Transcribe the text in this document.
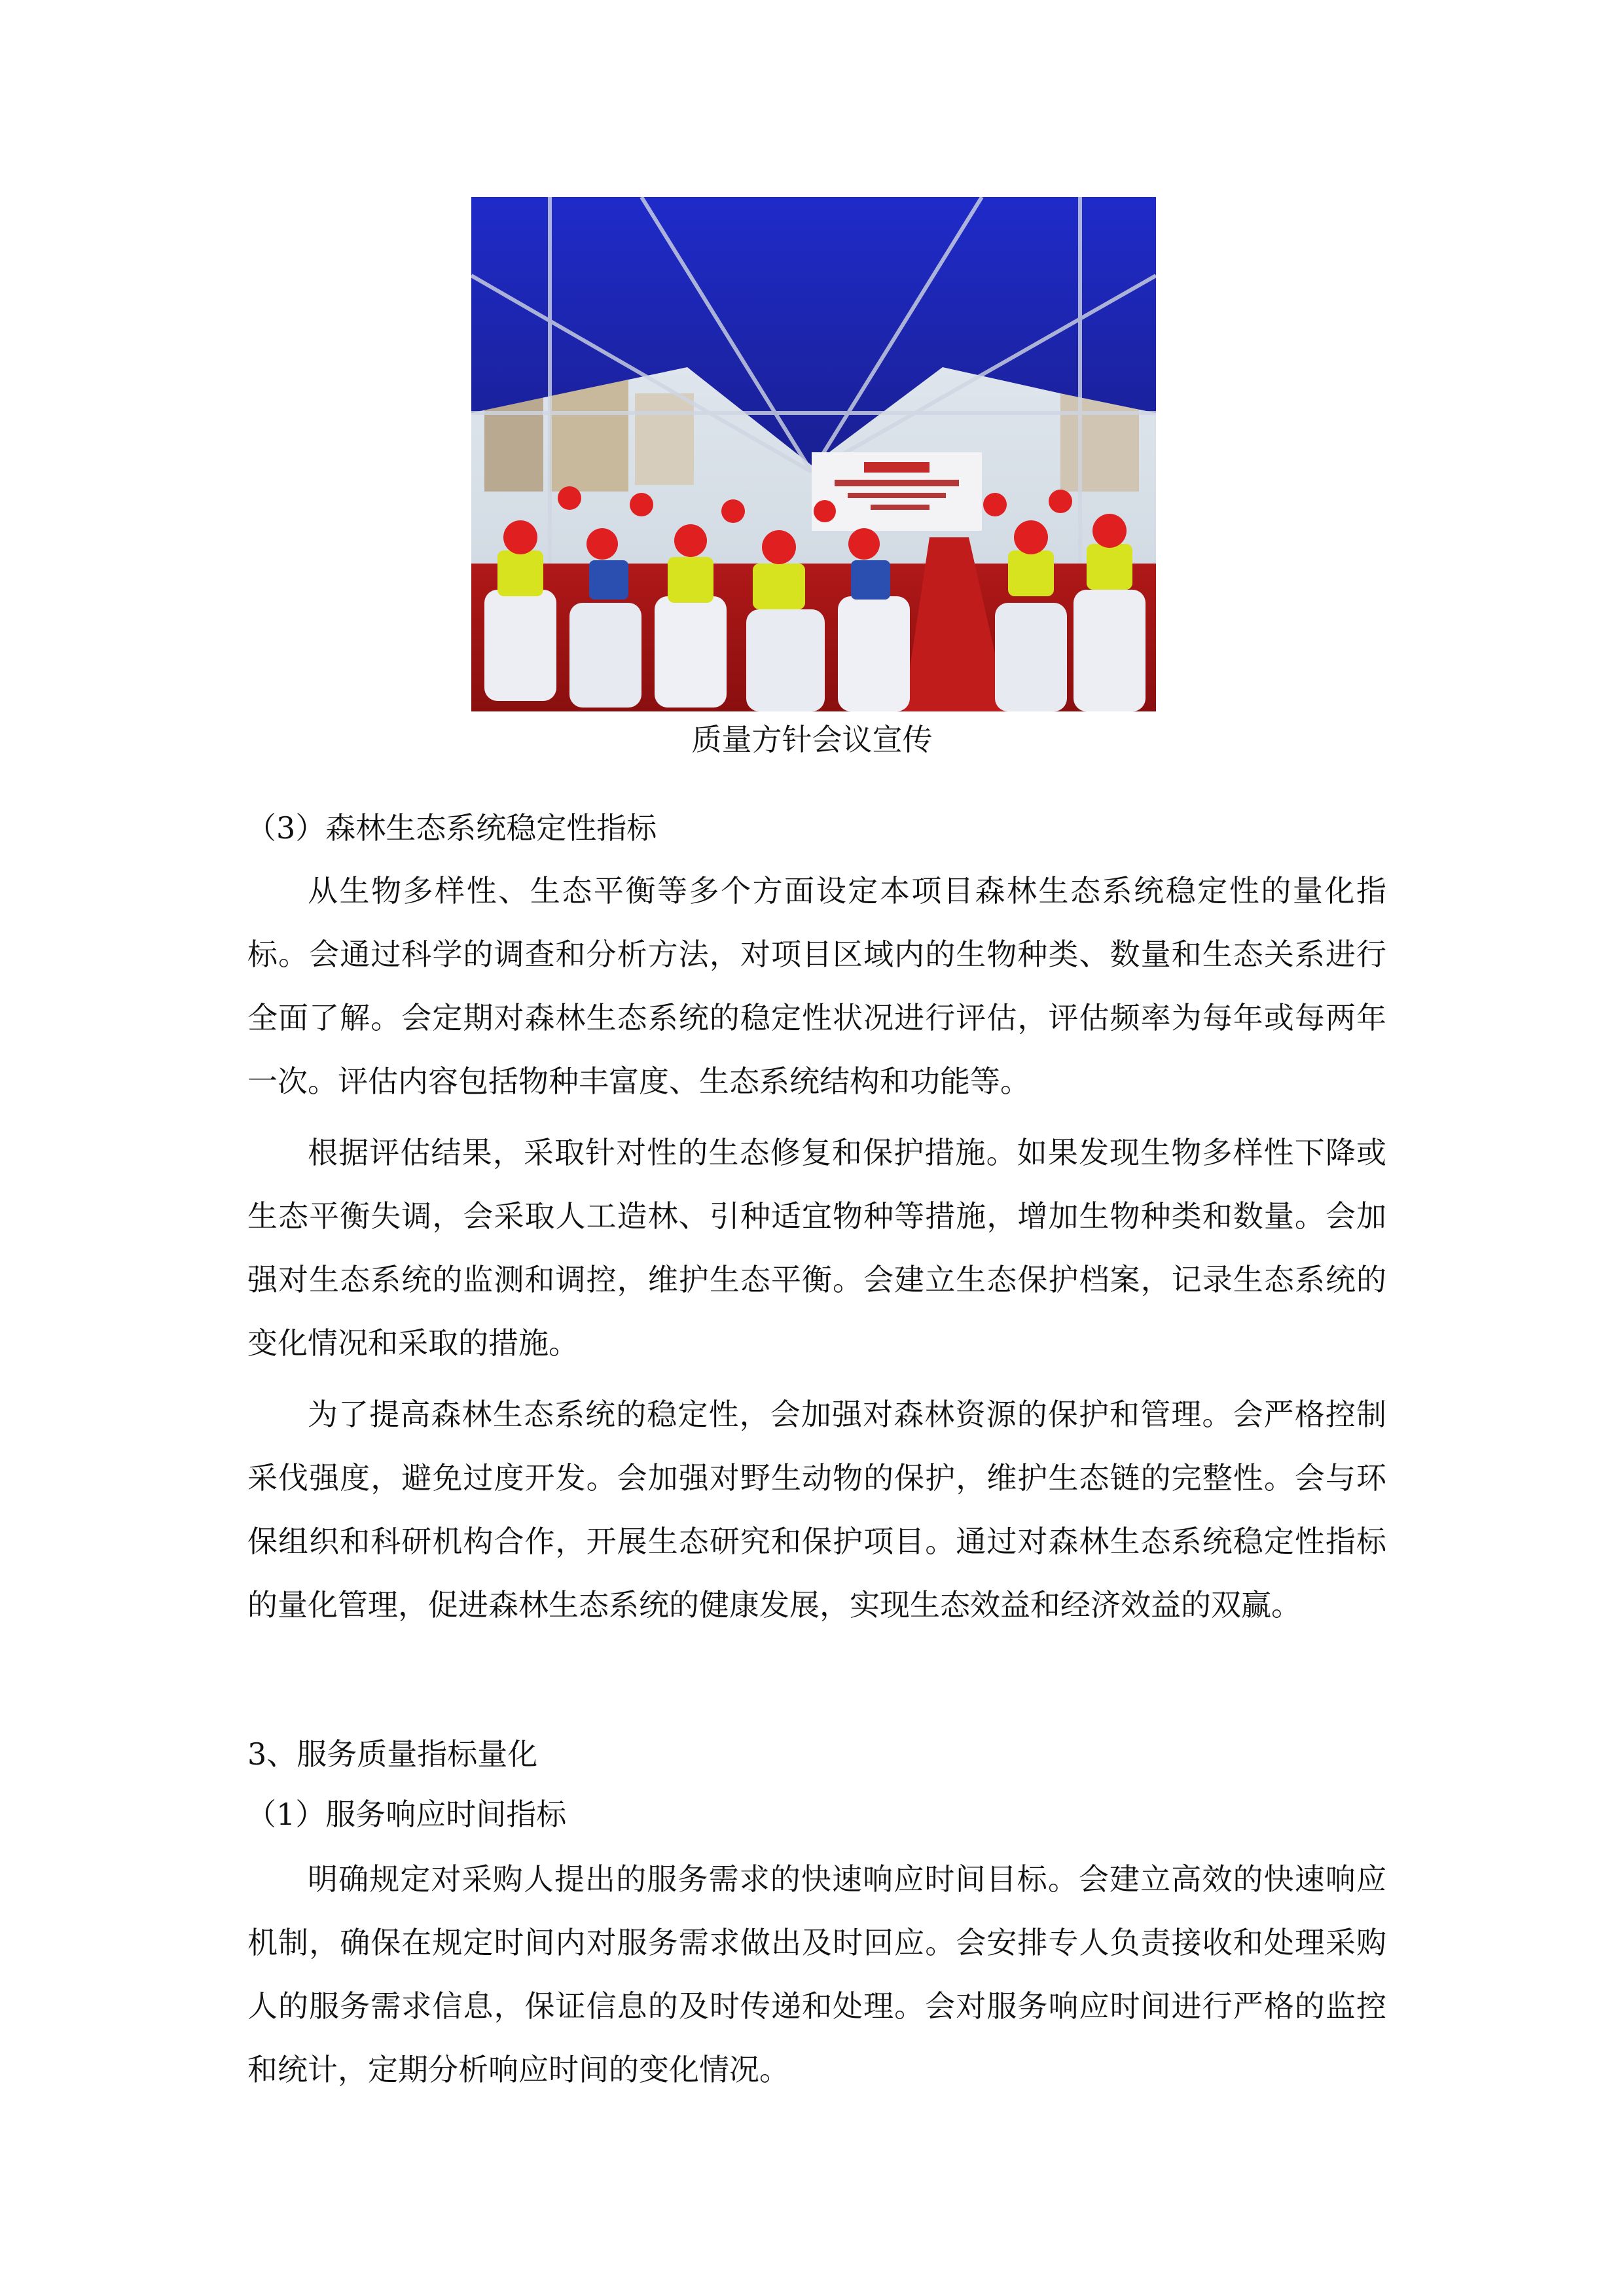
质量方针会议宣传

（3）森林生态系统稳定性指标

从生物多样性、生态平衡等多个方面设定本项目森林生态系统稳定性的量化指标。会通过科学的调查和分析方法，对项目区域内的生物种类、数量和生态关系进行全面了解。会定期对森林生态系统的稳定性状况进行评估，评估频率为每年或每两年一次。评估内容包括物种丰富度、生态系统结构和功能等。

根据评估结果，采取针对性的生态修复和保护措施。如果发现生物多样性下降或生态平衡失调，会采取人工造林、引种适宜物种等措施，增加生物种类和数量。会加强对生态系统的监测和调控，维护生态平衡。会建立生态保护档案，记录生态系统的变化情况和采取的措施。

为了提高森林生态系统的稳定性，会加强对森林资源的保护和管理。会严格控制采伐强度，避免过度开发。会加强对野生动物的保护，维护生态链的完整性。会与环保组织和科研机构合作，开展生态研究和保护项目。通过对森林生态系统稳定性指标的量化管理，促进森林生态系统的健康发展，实现生态效益和经济效益的双赢。

3、服务质量指标量化

（1）服务响应时间指标

明确规定对采购人提出的服务需求的快速响应时间目标。会建立高效的快速响应机制，确保在规定时间内对服务需求做出及时回应。会安排专人负责接收和处理采购人的服务需求信息，保证信息的及时传递和处理。会对服务响应时间进行严格的监控和统计，定期分析响应时间的变化情况。
